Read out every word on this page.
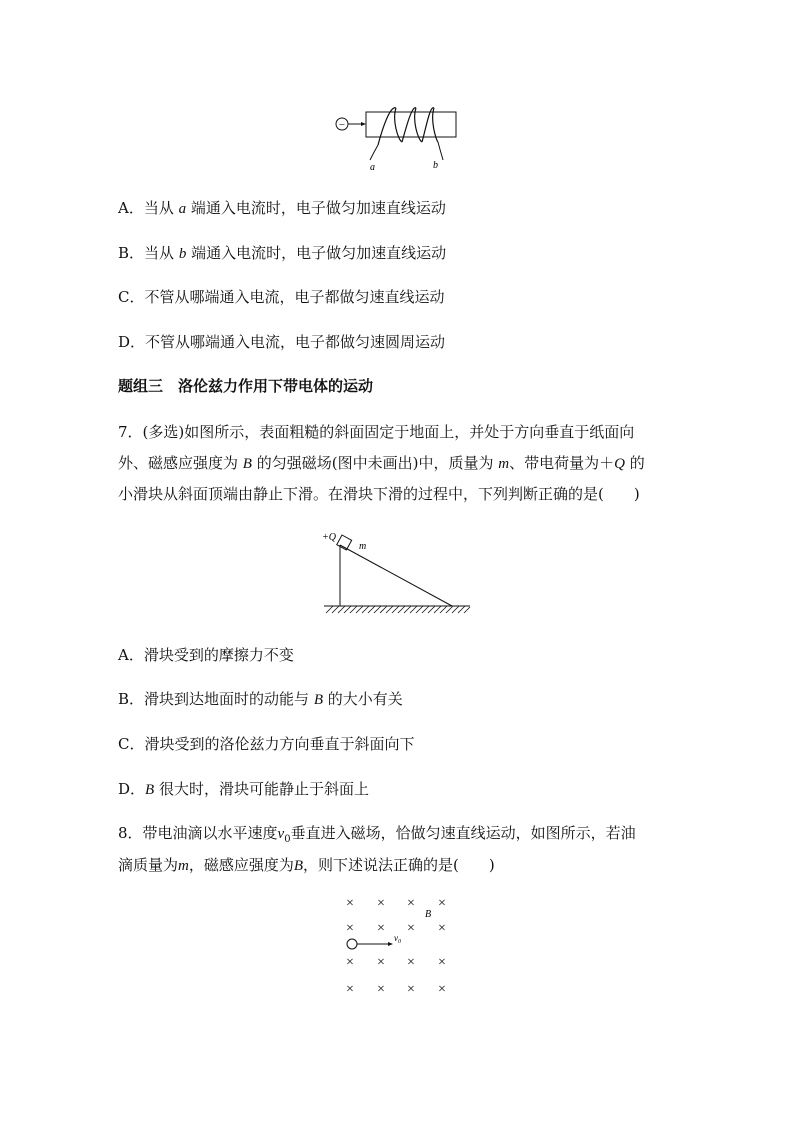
−
a	b
A．当从 a 端通入电流时，电子做匀加速直线运动
B．当从 b 端通入电流时，电子做匀加速直线运动
C．不管从哪端通入电流，电子都做匀速直线运动
D．不管从哪端通入电流，电子都做匀速圆周运动
题组三　洛伦兹力作用下带电体的运动
7．(多选)如图所示，表面粗糙的斜面固定于地面上，并处于方向垂直于纸面向
外、磁感应强度为 B 的匀强磁场(图中未画出)中，质量为 m、带电荷量为＋Q 的
小滑块从斜面顶端由静止下滑。在滑块下滑的过程中，下列判断正确的是(　　)
+Q
m
A．滑块受到的摩擦力不变
B．滑块到达地面时的动能与 B 的大小有关
C．滑块受到的洛伦兹力方向垂直于斜面向下
D．B 很大时，滑块可能静止于斜面上
8．带电油滴以水平速度$v_0$垂直进入磁场，恰做匀速直线运动，如图所示，若油
滴质量为m，磁感应强度为B，则下述说法正确的是(　　)
× × × ×
× × × ×
× × × ×
× × × ×
B
$v_0$
